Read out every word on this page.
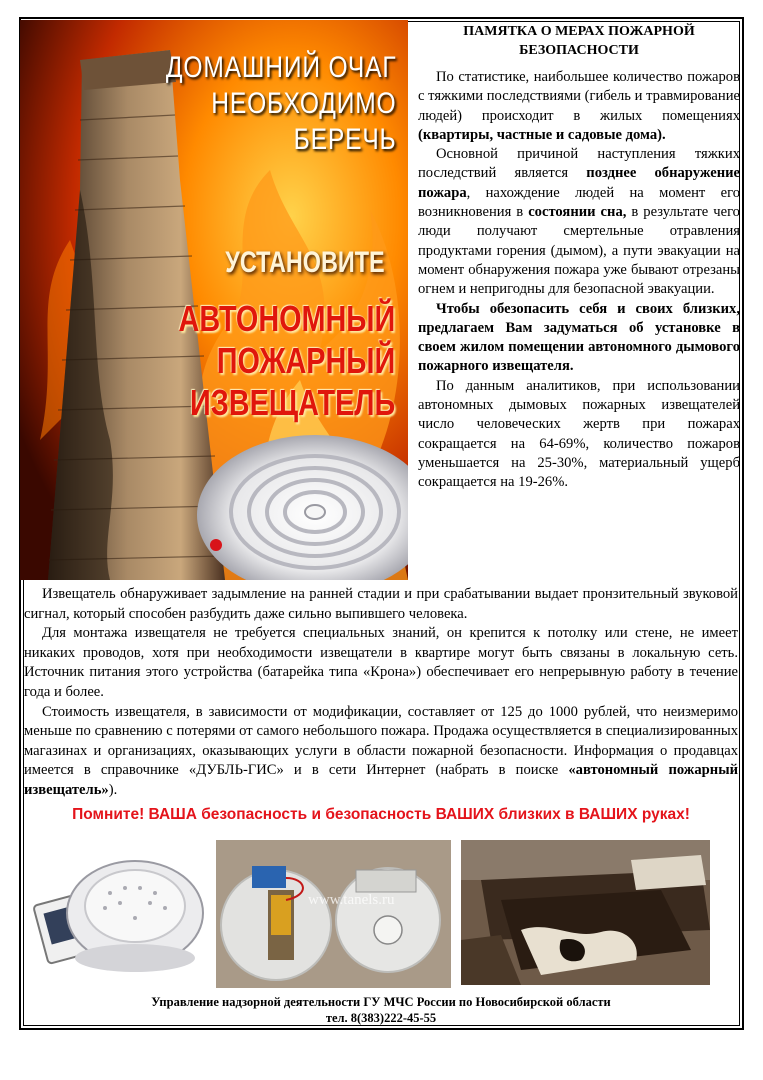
ДОМАШНИЙ ОЧАГ
НЕОБХОДИМО
БЕРЕЧЬ
УСТАНОВИТЕ
АВТОНОМНЫЙ
ПОЖАРНЫЙ
ИЗВЕЩАТЕЛЬ
ПАМЯТКА О МЕРАХ ПОЖАРНОЙ
БЕЗОПАСНОСТИ

По статистике, наибольшее количество пожаров с тяжкими последствиями (гибель и травмирование людей) происходит в жилых помещениях (квартиры, частные и садовые дома).

Основной причиной наступления тяжких последствий является позднее обнаружение пожара, нахождение людей на момент его возникновения в состоянии сна, в результате чего люди получают смертельные отравления продуктами горения (дымом), а пути эвакуации на момент обнаружения пожара уже бывают отрезаны огнем и непригодны для безопасной эвакуации.

Чтобы обезопасить себя и своих близких, предлагаем Вам задуматься об установке в своем жилом помещении автономного дымового пожарного извещателя.

По данным аналитиков, при использовании автономных дымовых пожарных извещателей число человеческих жертв при пожарах сокращается на 64-69%, количество пожаров уменьшается на 25-30%, материальный ущерб сокращается на 19-26%.

Извещатель обнаруживает задымление на ранней стадии и при срабатывании выдает пронзительный звуковой сигнал, который способен разбудить даже сильно выпившего человека.

Для монтажа извещателя не требуется специальных знаний, он крепится к потолку или стене, не имеет никаких проводов, хотя при необходимости извещатели в квартире могут быть связаны в локальную сеть. Источник питания этого устройства (батарейка типа «Крона») обеспечивает его непрерывную работу в течение года и более.

Стоимость извещателя, в зависимости от модификации, составляет от 125 до 1000 рублей, что неизмеримо меньше по сравнению с потерями от самого небольшого пожара. Продажа осуществляется в специализированных магазинах и организациях, оказывающих услуги в области пожарной безопасности. Информация о продавцах имеется в справочнике «ДУБЛЬ-ГИС» и в сети Интернет (набрать в поиске «автономный пожарный извещатель»).

Помните! ВАША безопасность и безопасность ВАШИХ близких в ВАШИХ руках!
www.tanels.ru
Управление надзорной деятельности ГУ МЧС России по Новосибирской области
тел. 8(383)222-45-55
